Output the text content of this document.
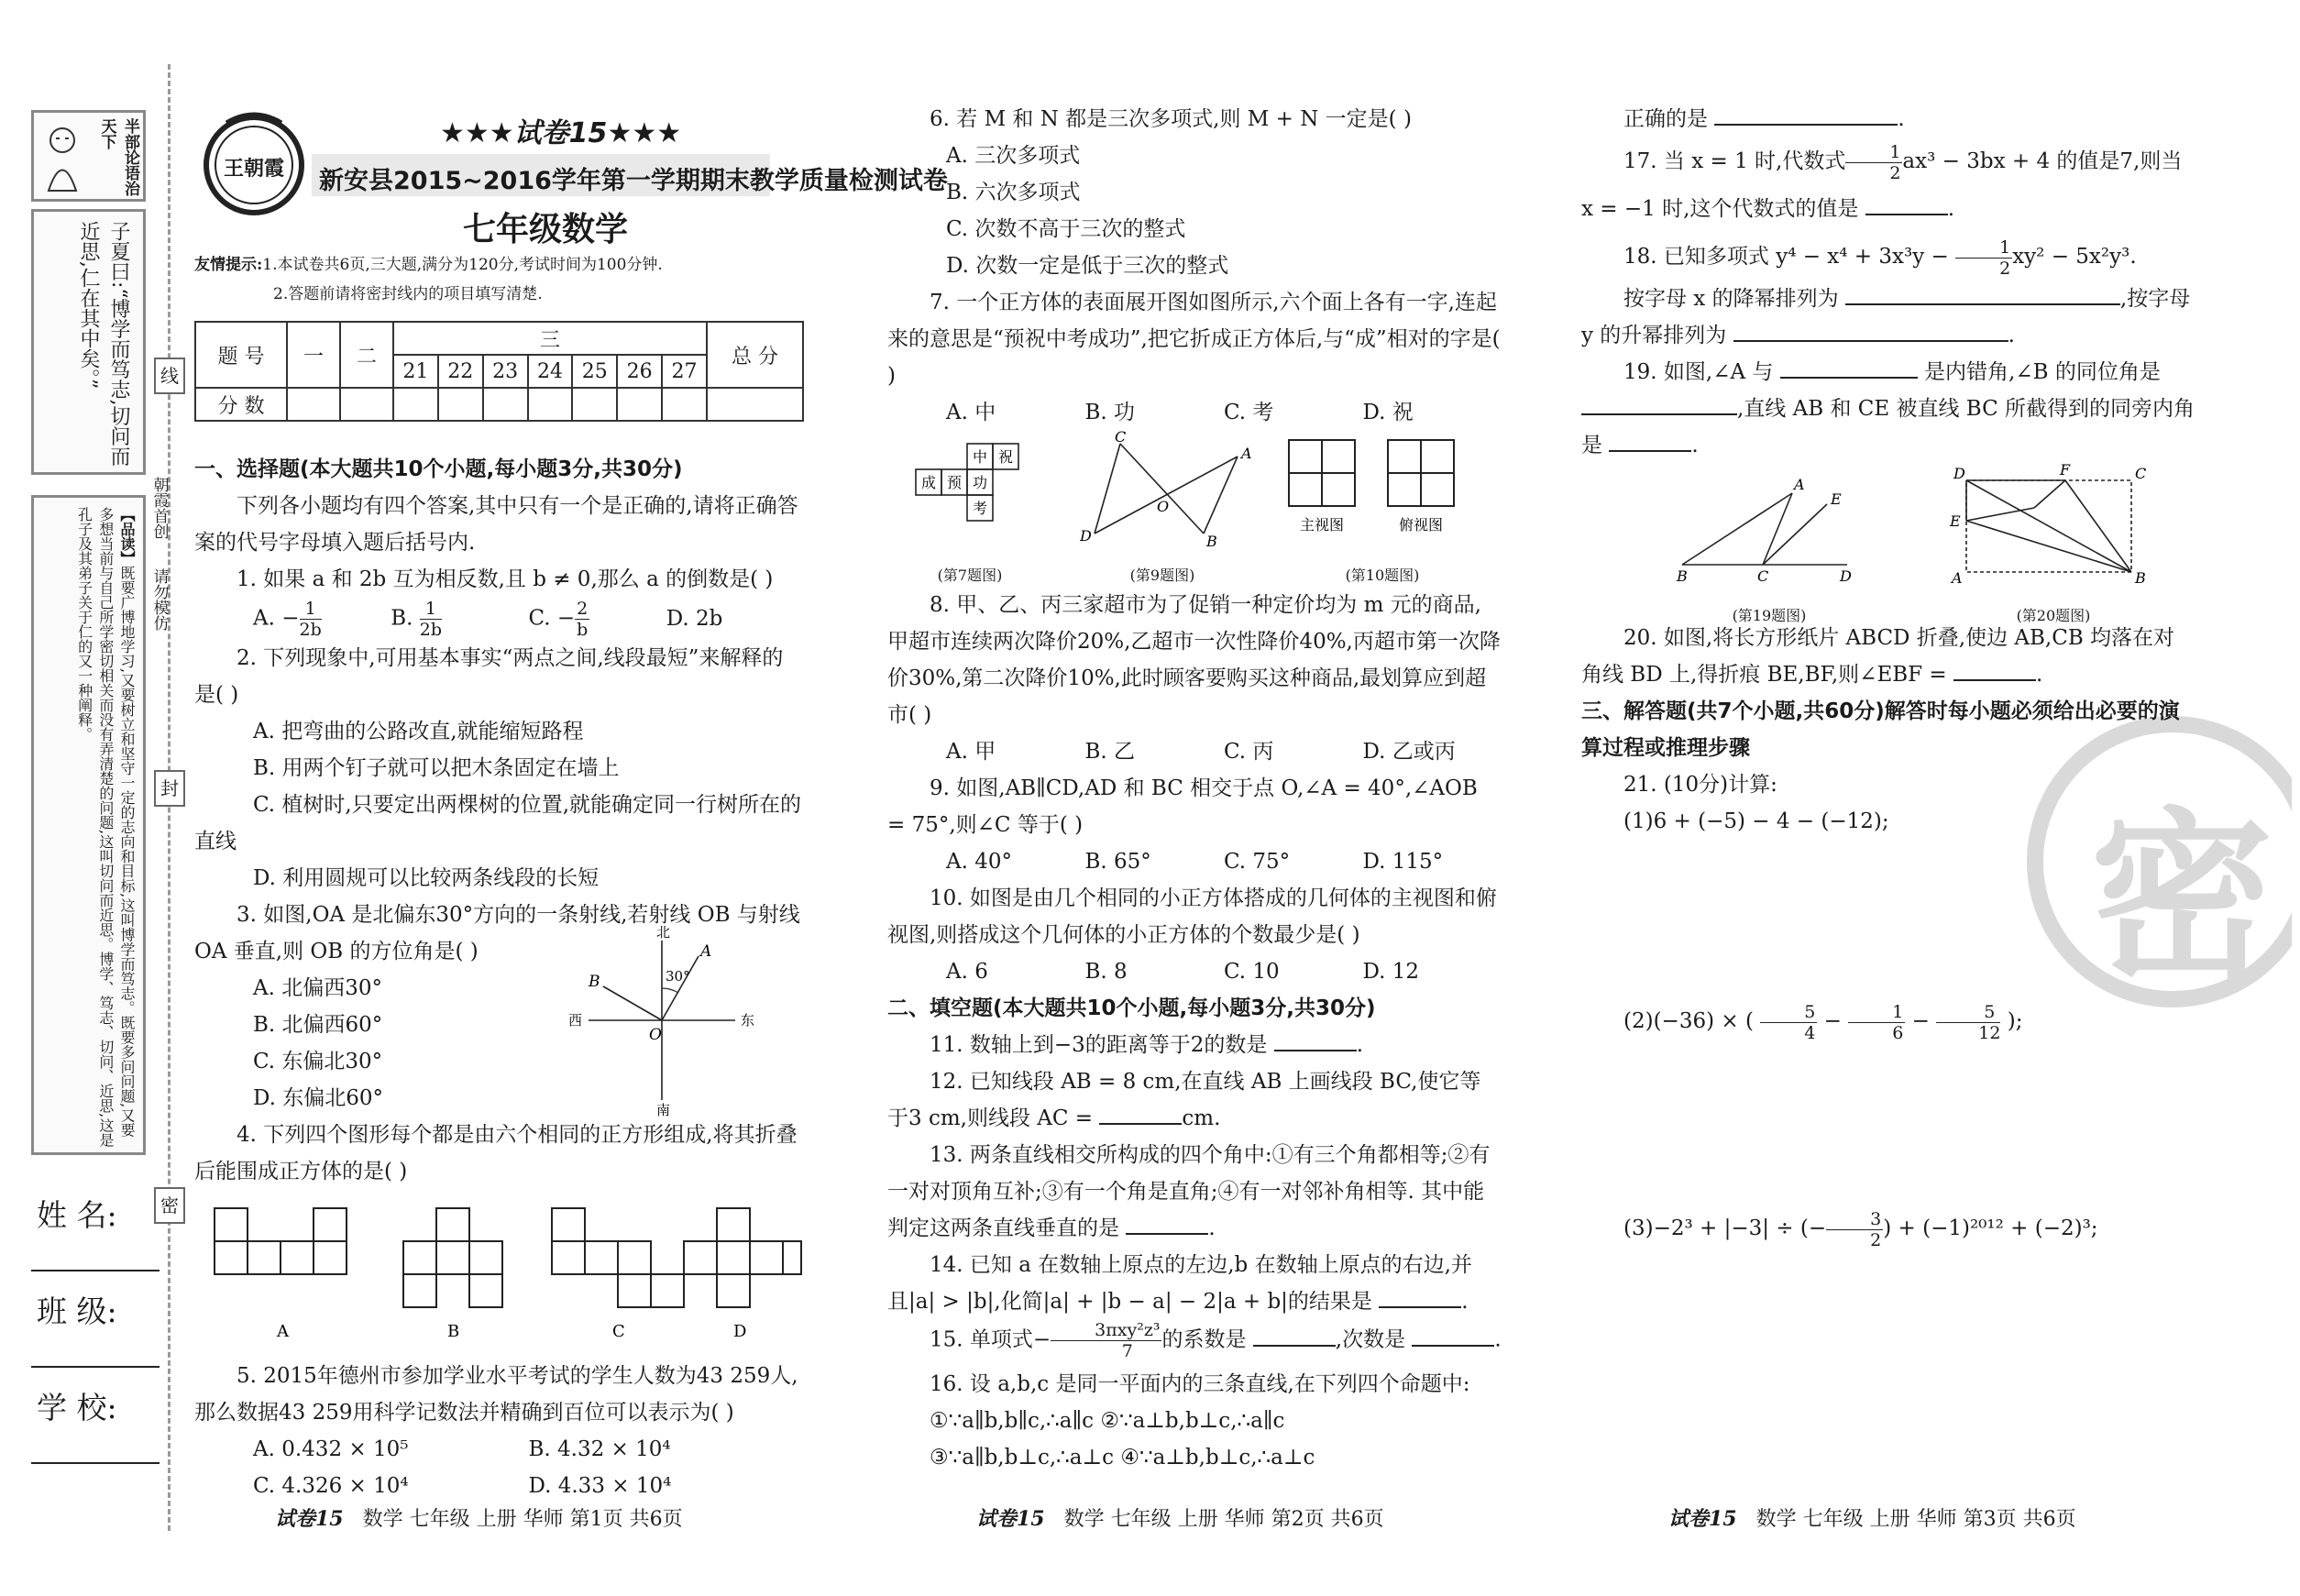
半部论语治天下
子夏曰:“博学而笃志,切问而近思,仁在其中矣。”
【品读】既要广博地学习,又要树立和坚守一定的志向和目标,这叫博学而笃志。既要多问问题,又要多想当前与自己所学密切相关而没有弄清楚的问题,这叫切问而近思。博学、笃志、切问、近思,这是孔子及其弟子关于仁的又一种阐释。	朝霞首创
请勿模仿
线
封
密
姓 名:
班 级:
学 校:
王朝霞
★★★试卷15★★★
新安县2015~2016学年第一学期期末教学质量检测试卷
七年级数学
友情提示:1.本试卷共6页,三大题,满分为120分,考试时间为100分钟.
2.答题前请将密封线内的项目填写清楚.
题 号	一	二	三							总 分
			21	22	23	24	25	26	27	
分 数										

一、选择题(本大题共10个小题,每小题3分,共30分)

下列各小题均有四个答案,其中只有一个是正确的,请将正确答案的代号字母填入题后括号内.

1. 如果 a 和 2b 互为相反数,且 b ≠ 0,那么 a 的倒数是( )

A. − $\frac{1}{2b}$	B. $\frac{1}{2b}$	C. − $\frac{2}{b}$	D. 2b

2. 下列现象中,可用基本事实“两点之间,线段最短”来解释的是( )

A. 把弯曲的公路改直,就能缩短路程

B. 用两个钉子就可以把木条固定在墙上

C. 植树时,只要定出两棵树的位置,就能确定同一行树所在的直线

D. 利用圆规可以比较两条线段的长短

3. 如图,OA 是北偏东30°方向的一条射线,若射线 OB 与射线 OA 垂直,则 OB 的方位角是( )

A. 北偏西30°

B. 北偏西60°

C. 东偏北30°

D. 东偏北60°

北
南
西	东
A
B
O
30°

4. 下列四个图形每个都是由六个相同的正方形组成,将其折叠后能围成正方体的是( )

A	B	C	D

5. 2015年德州市参加学业水平考试的学生人数为43 259人,那么数据43 259用科学记数法并精确到百位可以表示为( )

A. 0.432 × 10⁵	B. 4.32 × 10⁴
C. 4.326 × 10⁴	D. 4.33 × 10⁴

6. 若 M 和 N 都是三次多项式,则 M + N 一定是( )

A. 三次多项式

B. 六次多项式

C. 次数不高于三次的整式

D. 次数一定是低于三次的整式

7. 一个正方体的表面展开图如图所示,六个面上各有一字,连起来的意思是“预祝中考成功”,把它折成正方体后,与“成”相对的字是( )

A. 中	B. 功	C. 考	D. 祝
中 祝
成 预 功
考
C
A
D	B
O
主视图	俯视图
(第7题图)	(第9题图)	(第10题图)

8. 甲、乙、丙三家超市为了促销一种定价均为 m 元的商品,甲超市连续两次降价20%,乙超市一次性降价40%,丙超市第一次降价30%,第二次降价10%,此时顾客要购买这种商品,最划算应到超市( )

A. 甲	B. 乙	C. 丙	D. 乙或丙

9. 如图,AB∥CD,AD 和 BC 相交于点 O,∠A = 40°,∠AOB = 75°,则∠C 等于( )

A. 40°	B. 65°	C. 75°	D. 115°

10. 如图是由几个相同的小正方体搭成的几何体的主视图和俯视图,则搭成这个几何体的小正方体的个数最少是( )

A. 6	B. 8	C. 10	D. 12

二、填空题(本大题共10个小题,每小题3分,共30分)

11. 数轴上到−3的距离等于2的数是	.

12. 已知线段 AB = 8 cm,在直线 AB 上画线段 BC,使它等于3 cm,则线段 AC =	cm.

13. 两条直线相交所构成的四个角中:①有三个角都相等;②有一对对顶角互补;③有一个角是直角;④有一对邻补角相等. 其中能判定这两条直线垂直的是	.

14. 已知 a 在数轴上原点的左边,b 在数轴上原点的右边,并且|a| > |b|,化简|a| + |b − a| − 2|a + b|的结果是	.

15. 单项式− $\frac{\text{3πxy²z³}}{7}$ 的系数是	,次数是	.

16. 设 a,b,c 是同一平面内的三条直线,在下列四个命题中:

①∵a∥b,b∥c,∴a∥c ②∵a⊥b,b⊥c,∴a∥c

③∵a∥b,b⊥c,∴a⊥c ④∵a⊥b,b⊥c,∴a⊥c

密

正确的是	.

17. 当 x = 1 时,代数式 $\frac{1}{2} ax^3 - 3bx + 4$ 的值是7,则当 x = −1 时,这个代数式的值是	.

18. 已知多项式 $y^4 - x^4 + 3x^3y - \frac{1}{2} xy^2 - 5x^2y^3$.

按字母 x 的降幂排列为	,按字母 y 的升幂排列为	.

19. 如图,∠A 与	是内错角,∠B 的同位角是 ,直线 AB 和 CE 被直线 BC 所截得到的同旁内角是	.

A
B	C	D
E
D	F	C
E
A	B
(第19题图)	(第20题图)

20. 如图,将长方形纸片 ABCD 折叠,使边 AB,CB 均落在对角线 BD 上,得折痕 BE,BF,则∠EBF =	.

三、解答题(共7个小题,共60分)解答时每小题必须给出必要的演算过程或推理步骤

21. (10分)计算:

(1)6 + (−5) − 4 − (−12);

(2)(−36) × ( $\frac{5}{4} - \frac{1}{6} - \frac{5}{12}$ );

(3)−2³ + |−3| ÷ (− $\frac{3}{2}$ ) + (−1)²⁰¹² + (−2)³;

试卷15 数学 七年级 上册 华师 第1页 共6页	试卷15 数学 七年级 上册 华师 第2页 共6页	试卷15 数学 七年级 上册 华师 第3页 共6页
